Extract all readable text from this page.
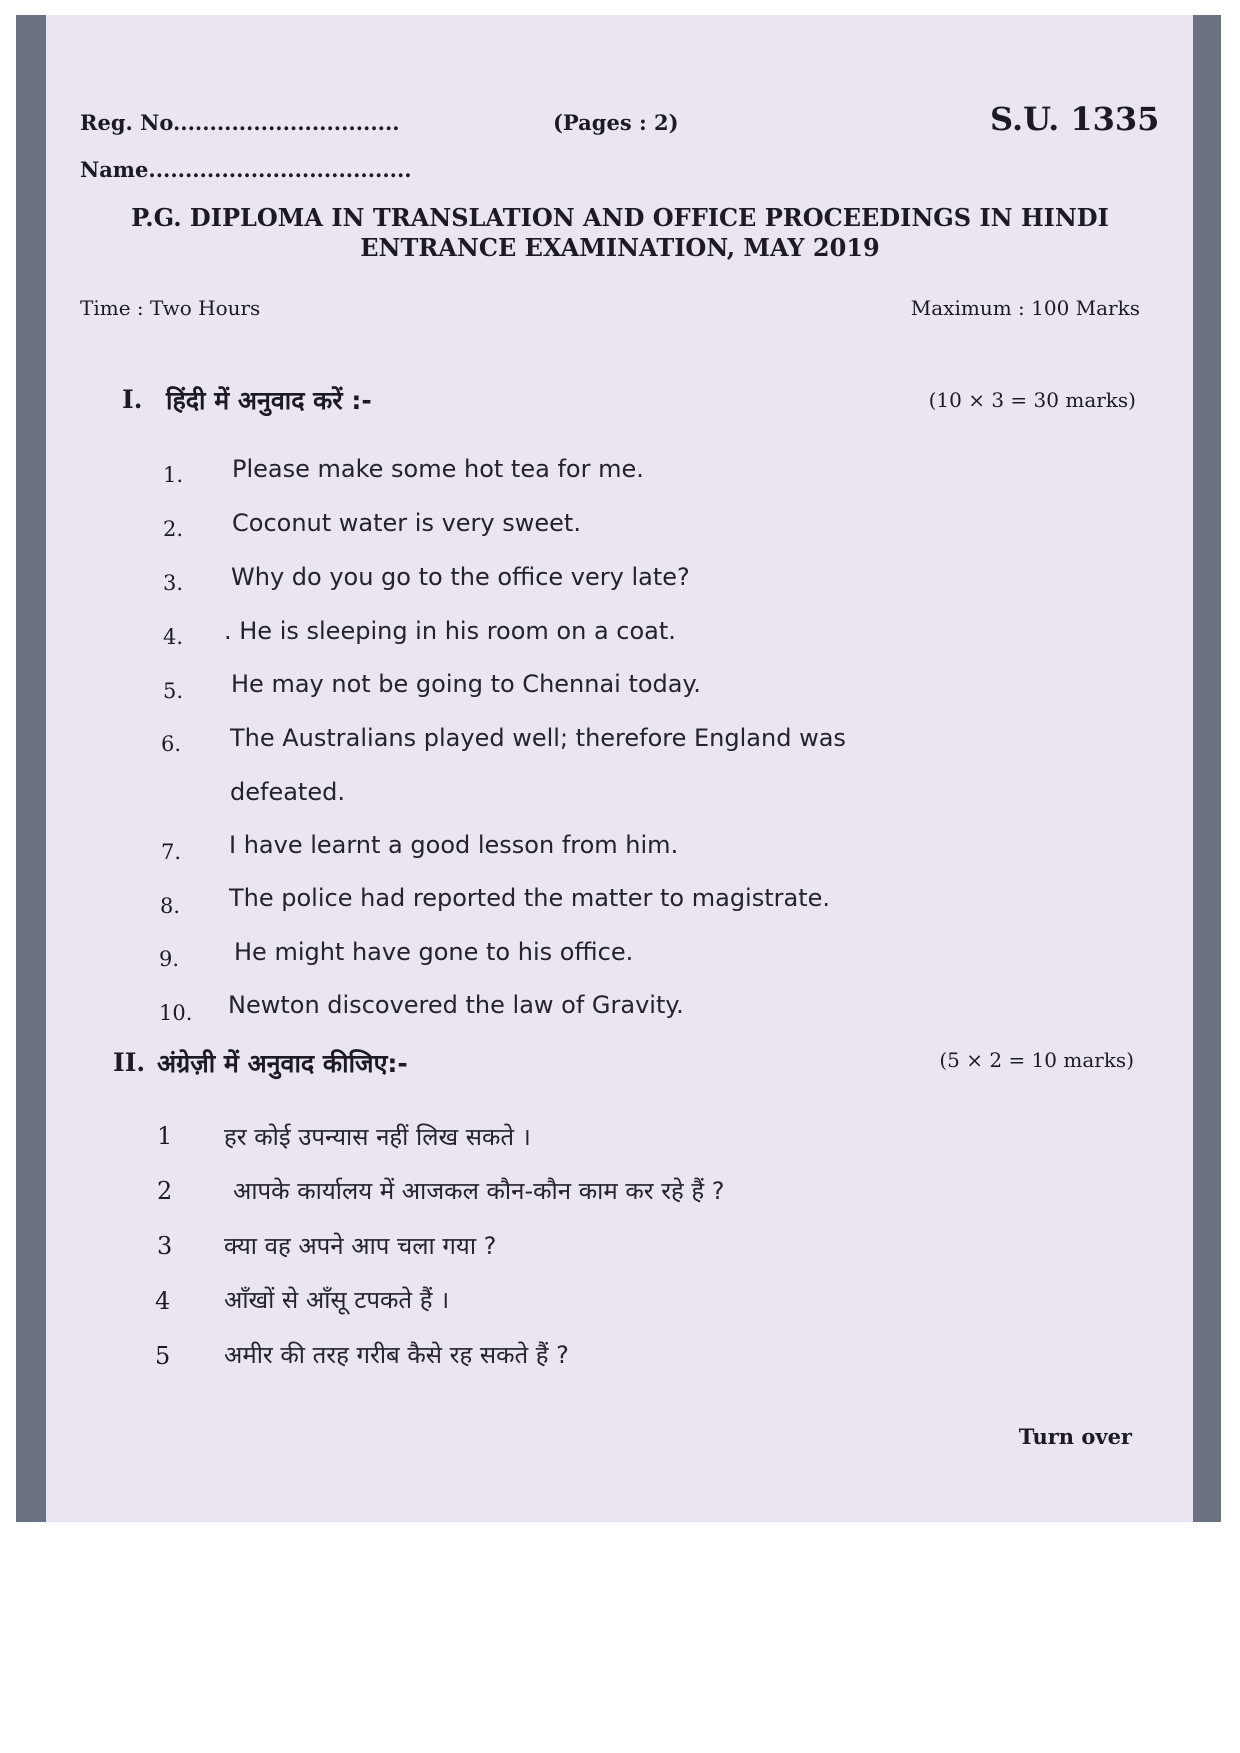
Reg. No...............................	(Pages : 2)	S.U. 1335
Name....................................
P.G. DIPLOMA IN TRANSLATION AND OFFICE PROCEEDINGS IN HINDI
ENTRANCE EXAMINATION, MAY 2019
Time : Two Hours	Maximum : 100 Marks
I. हिंदी में अनुवाद करें :-	(10 × 3 = 30 marks)
1. Please make some hot tea for me.
2. Coconut water is very sweet.
3. Why do you go to the office very late?
4. . He is sleeping in his room on a coat.
5. He may not be going to Chennai today.
6. The Australians played well; therefore England was
defeated.
7. I have learnt a good lesson from him.
8. The police had reported the matter to magistrate.
9. He might have gone to his office.
10. Newton discovered the law of Gravity.
II. अंग्रेज़ी में अनुवाद कीजिए:-	(5 × 2 = 10 marks)
1 हर कोई उपन्यास नहीं लिख सकते ।
2	आपके कार्यालय में आजकल कौन-कौन काम कर रहे हैं ?
3 क्या वह अपने आप चला गया ?
4 आँखों से आँसू टपकते हैं ।
5 अमीर की तरह गरीब कैसे रह सकते हैं ?
Turn over
